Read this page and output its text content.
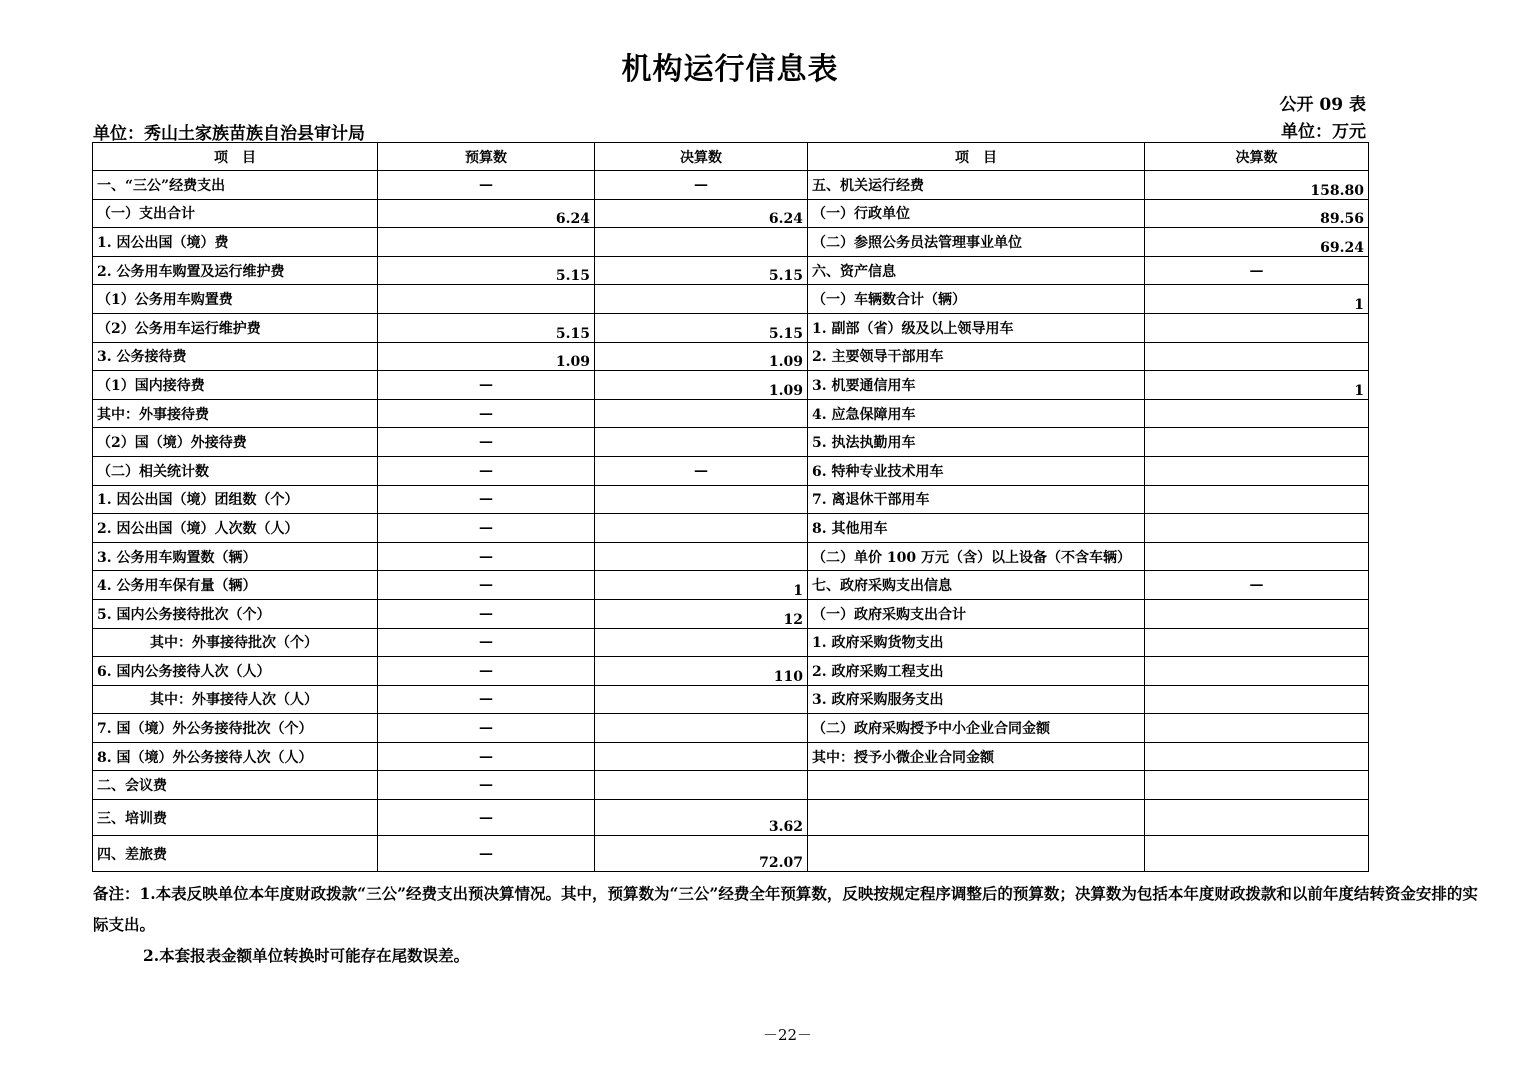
机构运行信息表
公开 09 表
单位：秀山土家族苗族自治县审计局	单位：万元
项　目	预算数	决算数	项　目	决算数
一、“三公”经费支出	—	—	五、机关运行经费	158.80
（一）支出合计	6.24	6.24	（一）行政单位	89.56
1. 因公出国（境）费			（二）参照公务员法管理事业单位	69.24
2. 公务用车购置及运行维护费	5.15	5.15	六、资产信息	—
（1）公务用车购置费			（一）车辆数合计（辆）	1
（2）公务用车运行维护费	5.15	5.15	1. 副部（省）级及以上领导用车	
3. 公务接待费	1.09	1.09	2. 主要领导干部用车	
（1）国内接待费	—	1.09	3. 机要通信用车	1
其中：外事接待费	—		4. 应急保障用车	
（2）国（境）外接待费	—		5. 执法执勤用车	
（二）相关统计数	—	—	6. 特种专业技术用车	
1. 因公出国（境）团组数（个）	—		7. 离退休干部用车	
2. 因公出国（境）人次数（人）	—		8. 其他用车	
3. 公务用车购置数（辆）	—		（二）单价 100 万元（含）以上设备（不含车辆）	
4. 公务用车保有量（辆）	—	1	七、政府采购支出信息	—
5. 国内公务接待批次（个）	—	12	（一）政府采购支出合计	
其中：外事接待批次（个）	—		1. 政府采购货物支出	
6. 国内公务接待人次（人）	—	110	2. 政府采购工程支出	
其中：外事接待人次（人）	—		3. 政府采购服务支出	
7. 国（境）外公务接待批次（个）	—		（二）政府采购授予中小企业合同金额	
8. 国（境）外公务接待人次（人）	—		其中：授予小微企业合同金额	
二、会议费	—			
三、培训费	—	3.62		
四、差旅费	—	72.07		

备注：1.本表反映单位本年度财政拨款“三公”经费支出预决算情况。其中，预算数为“三公”经费全年预算数，反映按规定程序调整后的预算数；决算数为包括本年度财政拨款和以前年度结转资金安排的实际支出。

2.本套报表金额单位转换时可能存在尾数误差。

－22－
